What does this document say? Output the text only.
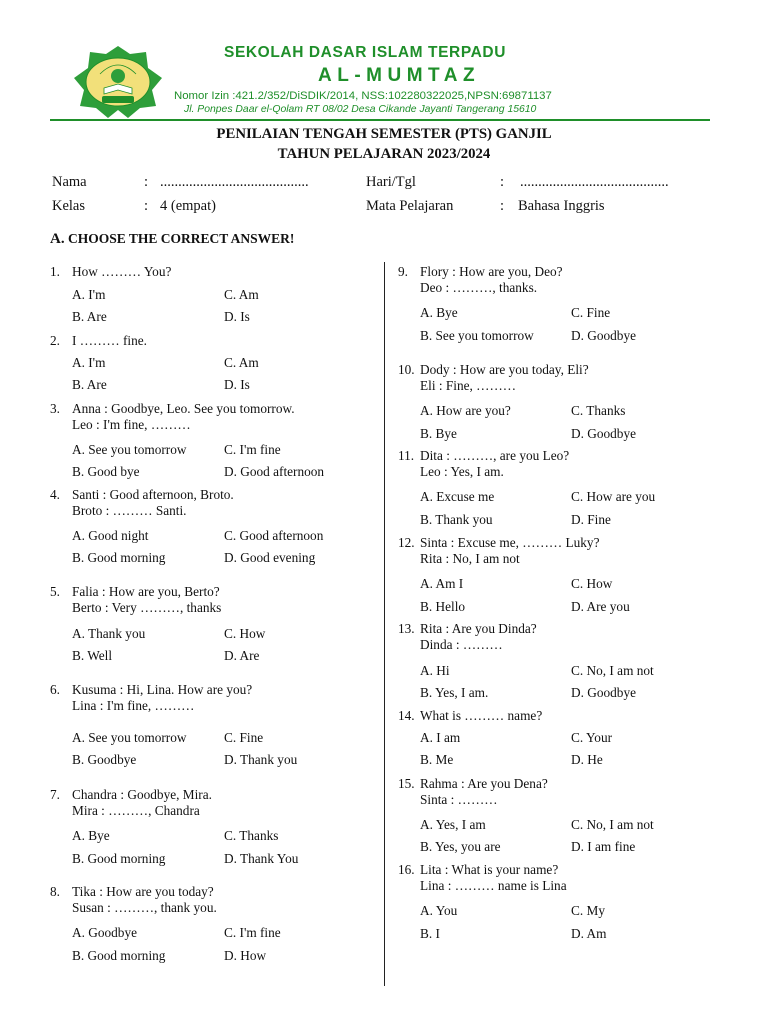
SEKOLAH DASAR ISLAM TERPADU
AL-MUMTAZ
Nomor Izin :421.2/352/DiSDIK/2014, NSS:102280322025,NPSN:69871137
Jl. Ponpes Daar el-Qolam RT 08/02 Desa Cikande Jayanti Tangerang 15610
PENILAIAN TENGAH SEMESTER (PTS) GANJIL
TAHUN PELAJARAN 2023/2024
Nama	: .........................................	Hari/Tgl	: .........................................
Kelas	: 4 (empat)	Mata Pelajaran	: Bahasa Inggris
A. CHOOSE THE CORRECT ANSWER!
1. How ……… You?
A. I'm	C. Am
B. Are	D. Is
2. I ……… fine.
A. I'm	C. Am
B. Are	D. Is
3. Anna : Goodbye, Leo. See you tomorrow.
Leo : I'm fine, ………
A. See you tomorrow	C. I'm fine
B. Good bye	D. Good afternoon
4. Santi : Good afternoon, Broto.
Broto : ……… Santi.
A. Good night	C. Good afternoon
B. Good morning	D. Good evening
5. Falia : How are you, Berto?
Berto : Very ………, thanks
A. Thank you	C. How
B. Well	D. Are
6. Kusuma : Hi, Lina. How are you?
Lina : I'm fine, ………
A. See you tomorrow	C. Fine
B. Goodbye	D. Thank you
7. Chandra : Goodbye, Mira.
Mira : ………, Chandra
A. Bye	C. Thanks
B. Good morning	D. Thank You
8. Tika : How are you today?
Susan : ………, thank you.
A. Goodbye	C. I'm fine
B. Good morning	D. How
9. Flory : How are you, Deo?
Deo : ………, thanks.
A. Bye	C. Fine
B. See you tomorrow	D. Goodbye
10. Dody : How are you today, Eli?
Eli : Fine, ………
A. How are you?	C. Thanks
B. Bye	D. Goodbye
11. Dita : ………, are you Leo?
Leo : Yes, I am.
A. Excuse me	C. How are you
B. Thank you	D. Fine
12. Sinta : Excuse me, ……… Luky?
Rita : No, I am not
A. Am I	C. How
B. Hello	D. Are you
13. Rita : Are you Dinda?
Dinda : ………
A. Hi	C. No, I am not
B. Yes, I am.	D. Goodbye
14. What is ……… name?
A. I am	C. Your
B. Me	D. He
15. Rahma : Are you Dena?
Sinta : ………
A. Yes, I am	C. No, I am not
B. Yes, you are	D. I am fine
16. Lita : What is your name?
Lina : ……… name is Lina
A. You	C. My
B. I	D. Am
